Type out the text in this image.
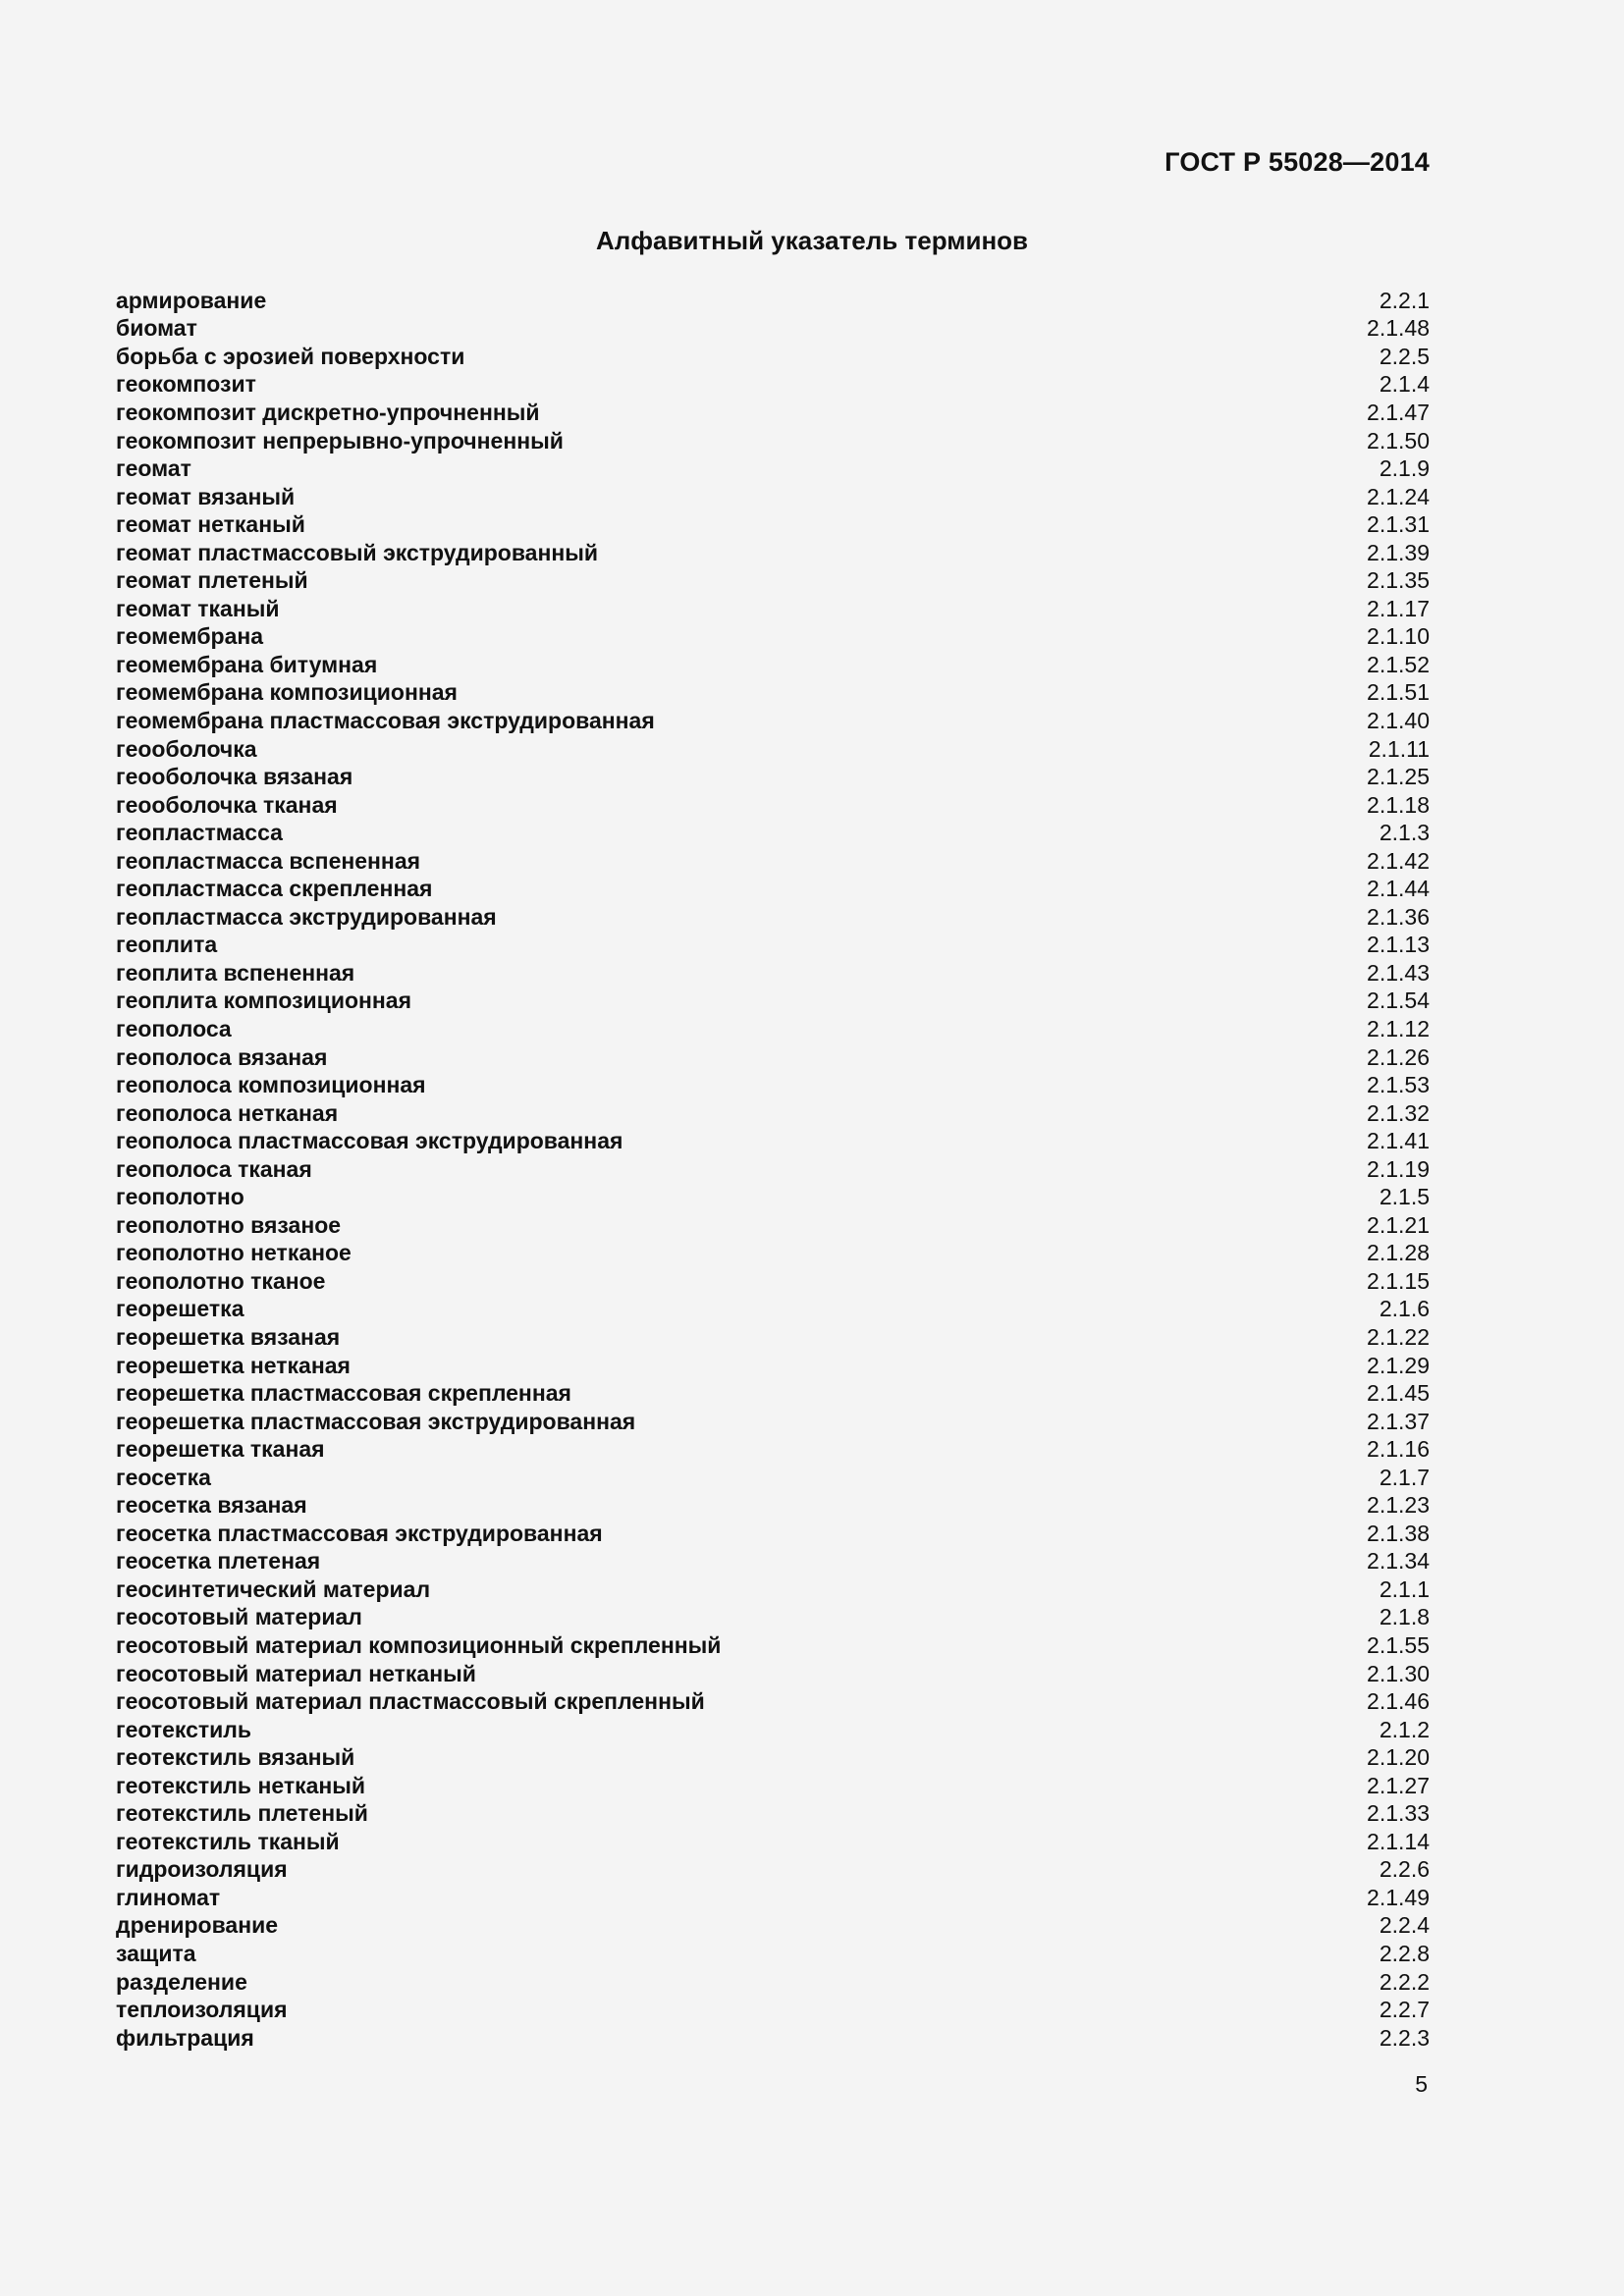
ГОСТ Р 55028—2014
Алфавитный указатель терминов
армирование	2.2.1
биомат	2.1.48
борьба с эрозией поверхности	2.2.5
геокомпозит	2.1.4
геокомпозит дискретно-упрочненный	2.1.47
геокомпозит непрерывно-упрочненный	2.1.50
геомат	2.1.9
геомат вязаный	2.1.24
геомат нетканый	2.1.31
геомат пластмассовый экструдированный	2.1.39
геомат плетеный	2.1.35
геомат тканый	2.1.17
геомембрана	2.1.10
геомембрана битумная	2.1.52
геомембрана композиционная	2.1.51
геомембрана пластмассовая экструдированная	2.1.40
геооболочка	2.1.11
геооболочка вязаная	2.1.25
геооболочка тканая	2.1.18
геопластмасса	2.1.3
геопластмасса вспененная	2.1.42
геопластмасса скрепленная	2.1.44
геопластмасса экструдированная	2.1.36
геоплита	2.1.13
геоплита вспененная	2.1.43
геоплита композиционная	2.1.54
геополоса	2.1.12
геополоса вязаная	2.1.26
геополоса композиционная	2.1.53
геополоса нетканая	2.1.32
геополоса пластмассовая экструдированная	2.1.41
геополоса тканая	2.1.19
геополотно	2.1.5
геополотно вязаное	2.1.21
геополотно нетканое	2.1.28
геополотно тканое	2.1.15
георешетка	2.1.6
георешетка вязаная	2.1.22
георешетка нетканая	2.1.29
георешетка пластмассовая скрепленная	2.1.45
георешетка пластмассовая экструдированная	2.1.37
георешетка тканая	2.1.16
геосетка	2.1.7
геосетка вязаная	2.1.23
геосетка пластмассовая экструдированная	2.1.38
геосетка плетеная	2.1.34
геосинтетический материал	2.1.1
геосотовый материал	2.1.8
геосотовый материал композиционный скрепленный	2.1.55
геосотовый материал нетканый	2.1.30
геосотовый материал пластмассовый скрепленный	2.1.46
геотекстиль	2.1.2
геотекстиль вязаный	2.1.20
геотекстиль нетканый	2.1.27
геотекстиль плетеный	2.1.33
геотекстиль тканый	2.1.14
гидроизоляция	2.2.6
глиномат	2.1.49
дренирование	2.2.4
защита	2.2.8
разделение	2.2.2
теплоизоляция	2.2.7
фильтрация	2.2.3
5
